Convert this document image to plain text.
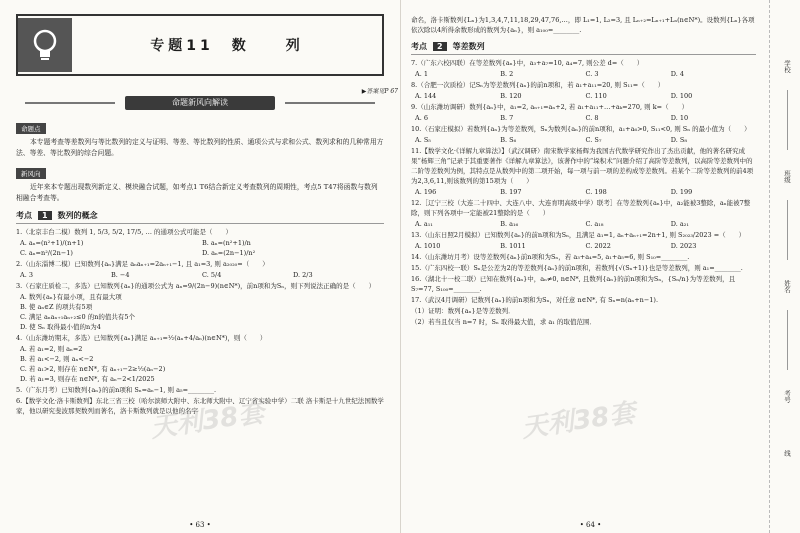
专题11　数　　列
▶答案见P 67
命题新风向解读
命题点
本专题考查等差数列与等比数列的定义与证明、等差、等比数列的性质、通项公式与求和公式、数列求和的几种常用方法、等差、等比数列的综合问题。
新风向
近年来本专题出现数列新定义、模块融合试题，如考点1 T6结合新定义考查数列的周期性，考点5 T47将函数与数列相融合考查等。
考点	1	数列的概念
1.（北京丰台二模）数列 1, 5/3, 5/2, 17/5, … 的通项公式可能是（　　）
A. aₙ=(n²+1)/(n+1)	B. aₙ=(n²+1)/n
C. aₙ=n²/(2n−1)	D. aₙ=(2n−1)/n²
2.（山东淄博二模）已知数列{aₙ}满足 aₙaₙ₊₁=2aₙ₊₁−1, 且 a₁=3, 则 a₂₀₂₀=（　　）
A. 3	B. −4	C. 5/4	D. 2/3
3.（石家庄质检二，多选）已知数列{aₙ}的通项公式为 aₙ=9/(2n−9)(n∈N*)，前n项和为Sₙ，则下列说法正确的是（　　）
A. 数列{aₙ}有最小项，且有最大项
B. 使 aₙ∈Z 的项共有5项
C. 满足 aₙaₙ₊₁aₙ₊₂≤0 的n的值共有5个
D. 使 Sₙ 取得最小值的n为4
4.（山东潍坊期末，多选）已知数列{aₙ}满足 aₙ₊₁=½(aₙ+4/aₙ)(n∈N*)，则（　　）
A. 若 a₁=2, 则 aₙ=2
B. 若 a₁<−2, 则 aₙ<−2
C. 若 a₁>2, 则存在 n∈N*, 有 aₙ₊₁−2≥½(aₙ−2)
D. 若 a₁=3, 则存在 n∈N*, 有 aₙ−2<1/2025
5.（广东月考）已知数列{aₙ}的前n项和 Sₙ=aₙ−1, 则 a₅=________.
6.【数学文化·洛卡斯数列】东北三省三校（哈尔滨师大附中、东北师大附中、辽宁省实验中学）二联 洛卡斯是十九世纪法国数学家，他以研究斐波那契数列而著名，洛卡斯数列就是以他的名字
天利38套
• 63 •
命名，洛卡斯数列{Lₙ}为1,3,4,7,11,18,29,47,76,…，即 L₁=1, L₂=3, 且 Lₙ₊₂=Lₙ₊₁+Lₙ(n∈N*)。设数列{Lₙ}各项依次除以4所得余数形成的数列为{aₙ}，则 a₁₀₀=________.
考点	2	等差数列
7.（广东六校四联）在等差数列{aₙ}中，a₃+a₇=10, a₄=7, 则公差 d=（　　）
A. 1	B. 2	C. 3	D. 4
8.（合肥一次质检）记Sₙ为等差数列{aₙ}的前n项和，若 a₁+a₁₁=20, 则 S₁₁=（　　）
A. 144	B. 120	C. 110	D. 100
9.（山东潍坊调研）数列{aₙ}中，a₁=2, aₙ₊₁=aₙ+2, 若 a₁+a₁₁+…+aₖ=270, 则 k=（　　）
A. 6	B. 7	C. 8	D. 10
10.（石家庄模拟）若数列{aₙ}为等差数列，Sₙ为数列{aₙ}的前n项和，a₁+a₆>0, S₁₁<0, 则 Sₙ 的最小值为（　　）
A. S₅	B. S₆	C. S₇	D. S₈
11.【数学文化·《详解九章算法》】（武汉调研）南宋数学家杨辉为我国古代数学研究作出了杰出贡献，他的著名研究成果“杨辉三角”记录于其重要著作《详解九章算法》，该著作中的“垛积术”问题介绍了高阶等差数列，以高阶等差数列中的二阶等差数列为例，其特点是从数列中的第二项开始，每一项与前一项的差构成等差数列。若某个二阶等差数列的前4项为2,3,6,11,则该数列的第15项为（　　）
A. 196	B. 197	C. 198	D. 199
12.［辽宁三校（大连二十四中、大连八中、大连育明高级中学）联考］在等差数列{aₙ}中，a₂能被3整除，aₙ能被7整除，则下列各项中一定能被21整除的是（　　）
A. a₁₁	B. a₁₆	C. a₁₈	D. a₂₁
13.（山东日照2月模拟）已知数列{aₙ}的前n项和为Sₙ，且满足 a₁=1, aₙ+aₙ₊₁=2n+1, 则 S₂₀₂₃/2023 =（　　）
A. 1010	B. 1011	C. 2022	D. 2023
14.（山东潍坊月考）设等差数列{aₙ}前n项和为Sₙ，若 a₃+a₄=5, a₁+a₅=6, 则 S₁₀=________.
15.（广东四校一联）Sₙ是公差为2的等差数列{aₙ}的前n项和，若数列{√(Sₙ+1)}也是等差数列，则 a₁=________.
16.（湖北十一校二联）已知在数列{aₙ}中，aₙ≠0, n∈N*, 且数列{aₙ}的前n项和为Sₙ，{Sₙ/n}为等差数列，且 S₇=77, S₁₀₀=________.
17.（武汉4月调研）记数列{aₙ}的前n项和为Sₙ，对任意 n∈N*, 有 Sₙ=n(aₙ+n−1).
（1）证明：数列{aₙ}是等差数列．
（2）若当且仅当 n=7 时，Sₙ 取得最大值，求 a₁ 的取值范围．
天利38套
• 64 •
学校
班级
姓名
考号
线
